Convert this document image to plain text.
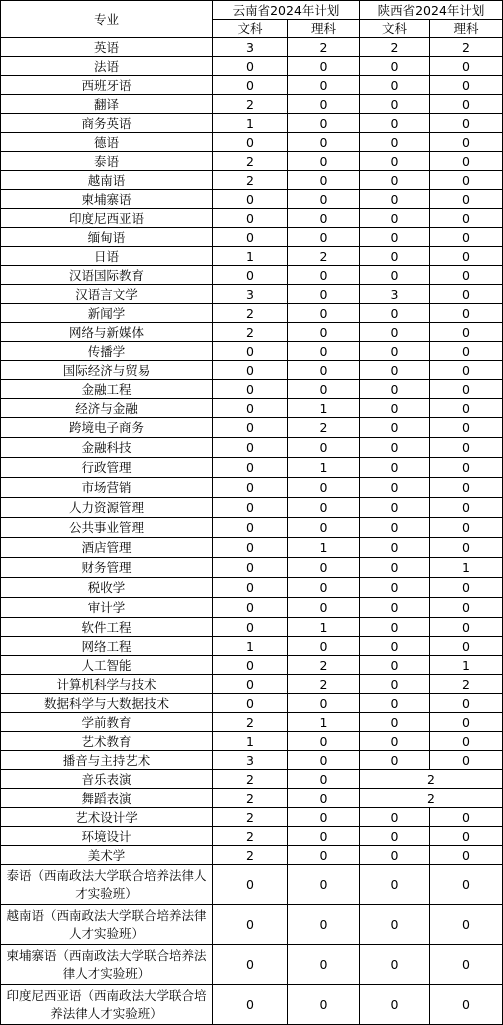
专业	云南省2024年计划		陕西省2024年计划	
	文科	理科	文科	理科
英语	3	2	2	2
法语	0	0	0	0
西班牙语	0	0	0	0
翻译	2	0	0	0
商务英语	1	0	0	0
德语	0	0	0	0
泰语	2	0	0	0
越南语	2	0	0	0
柬埔寨语	0	0	0	0
印度尼西亚语	0	0	0	0
缅甸语	0	0	0	0
日语	1	2	0	0
汉语国际教育	0	0	0	0
汉语言文学	3	0	3	0
新闻学	2	0	0	0
网络与新媒体	2	0	0	0
传播学	0	0	0	0
国际经济与贸易	0	0	0	0
金融工程	0	0	0	0
经济与金融	0	1	0	0
跨境电子商务	0	2	0	0
金融科技	0	0	0	0
行政管理	0	1	0	0
市场营销	0	0	0	0
人力资源管理	0	0	0	0
公共事业管理	0	0	0	0
酒店管理	0	1	0	0
财务管理	0	0	0	1
税收学	0	0	0	0
审计学	0	0	0	0
软件工程	0	1	0	0
网络工程	1	0	0	0
人工智能	0	2	0	1
计算机科学与技术	0	2	0	2
数据科学与大数据技术	0	0	0	0
学前教育	2	1	0	0
艺术教育	1	0	0	0
播音与主持艺术	3	0	0	0
音乐表演	2	0	2	
舞蹈表演	2	0	2	
艺术设计学	2	0	0	0
环境设计	2	0	0	0
美术学	2	0	0	0
泰语（西南政法大学联合培养法律人才实验班）	0	0	0	0
越南语（西南政法大学联合培养法律人才实验班）	0	0	0	0
柬埔寨语（西南政法大学联合培养法律人才实验班）	0	0	0	0
印度尼西亚语（西南政法大学联合培养法律人才实验班）	0	0	0	0
